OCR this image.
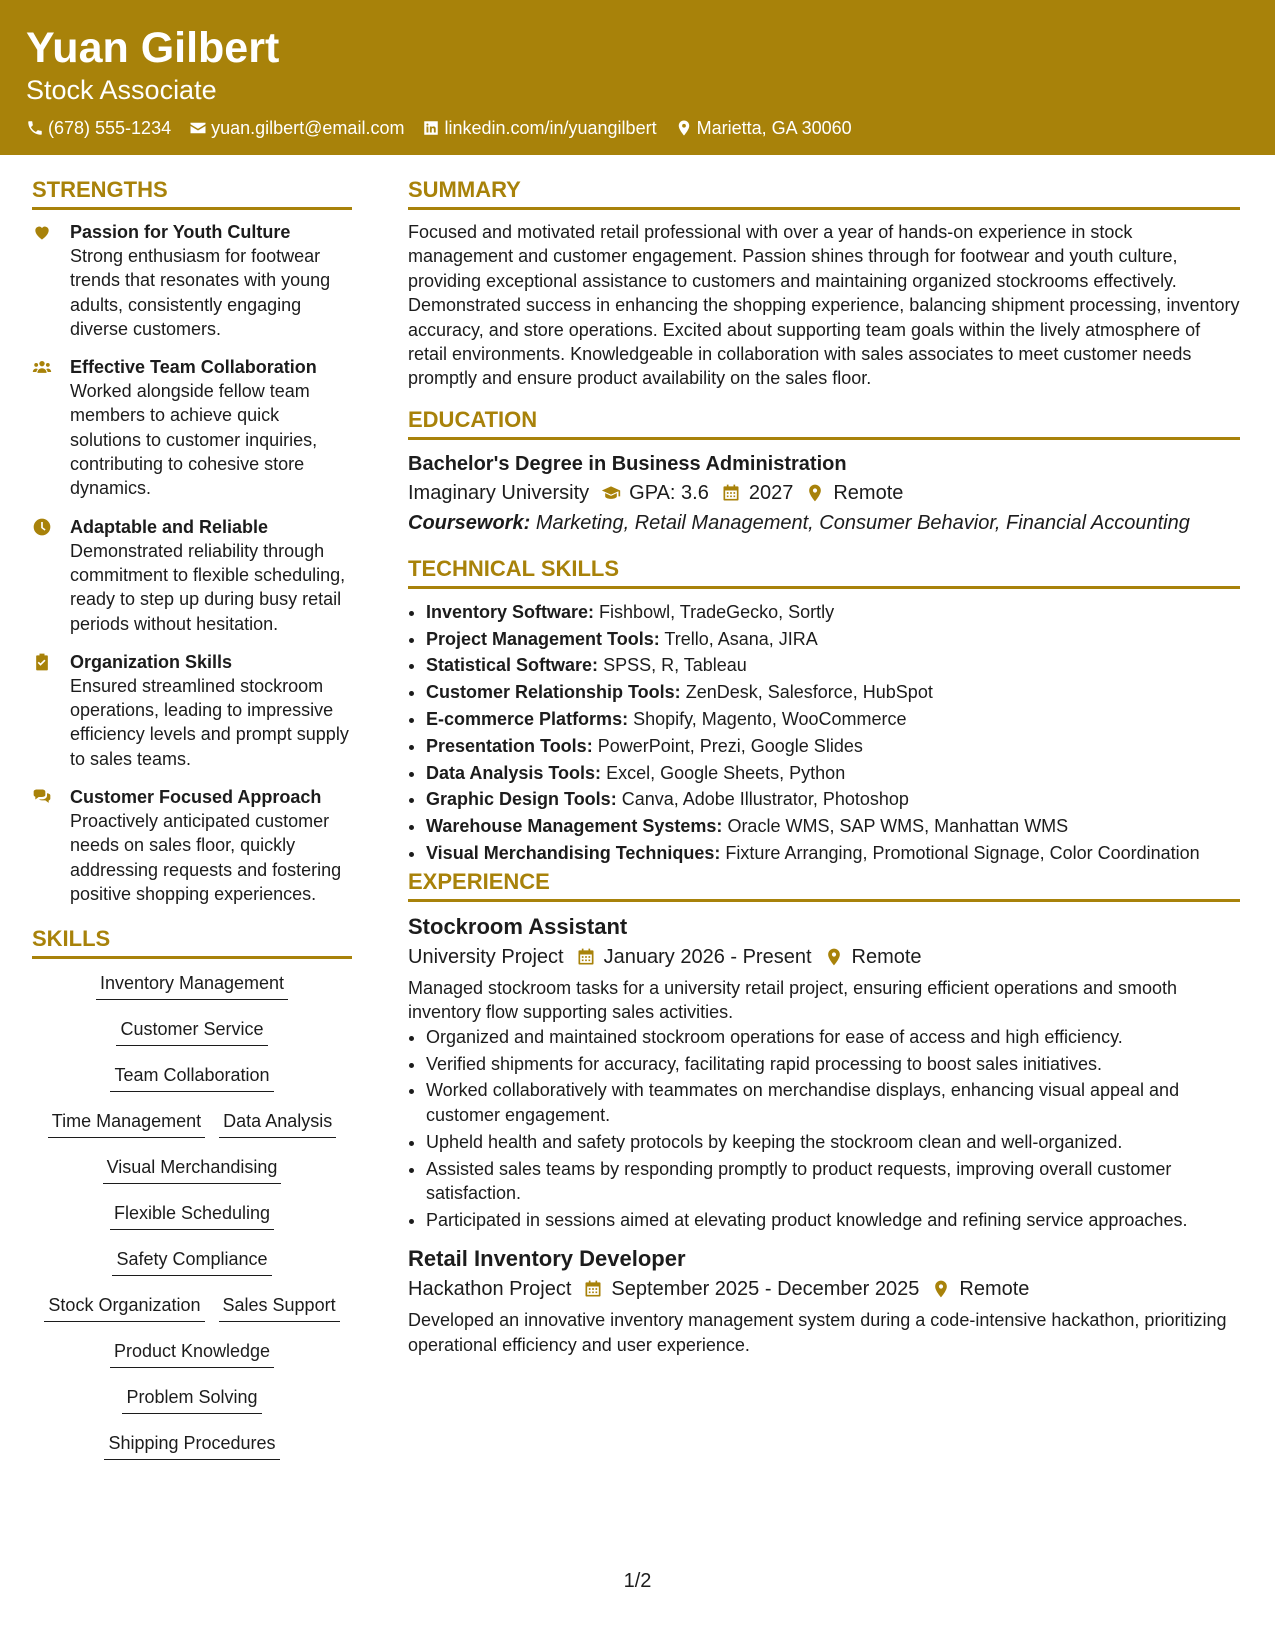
Yuan Gilbert
Stock Associate
(678) 555-1234 yuan.gilbert@email.com linkedin.com/in/yuangilbert Marietta, GA 30060
STRENGTHS
Passion for Youth Culture
Strong enthusiasm for footwear trends that resonates with young adults, consistently engaging diverse customers.
Effective Team Collaboration
Worked alongside fellow team members to achieve quick solutions to customer inquiries, contributing to cohesive store dynamics.
Adaptable and Reliable
Demonstrated reliability through commitment to flexible scheduling, ready to step up during busy retail periods without hesitation.
Organization Skills
Ensured streamlined stockroom operations, leading to impressive efficiency levels and prompt supply to sales teams.
Customer Focused Approach
Proactively anticipated customer needs on sales floor, quickly addressing requests and fostering positive shopping experiences.
SKILLS
Inventory Management
Customer Service
Team Collaboration
Time Management Data Analysis
Visual Merchandising
Flexible Scheduling
Safety Compliance
Stock Organization Sales Support
Product Knowledge
Problem Solving
Shipping Procedures
SUMMARY
Focused and motivated retail professional with over a year of hands-on experience in stock management and customer engagement. Passion shines through for footwear and youth culture, providing exceptional assistance to customers and maintaining organized stockrooms effectively. Demonstrated success in enhancing the shopping experience, balancing shipment processing, inventory accuracy, and store operations. Excited about supporting team goals within the lively atmosphere of retail environments. Knowledgeable in collaboration with sales associates to meet customer needs promptly and ensure product availability on the sales floor.
EDUCATION
Bachelor's Degree in Business Administration
Imaginary University GPA: 3.6 2027 Remote
Coursework: Marketing, Retail Management, Consumer Behavior, Financial Accounting
TECHNICAL SKILLS
• Inventory Software: Fishbowl, TradeGecko, Sortly
• Project Management Tools: Trello, Asana, JIRA
• Statistical Software: SPSS, R, Tableau
• Customer Relationship Tools: ZenDesk, Salesforce, HubSpot
• E-commerce Platforms: Shopify, Magento, WooCommerce
• Presentation Tools: PowerPoint, Prezi, Google Slides
• Data Analysis Tools: Excel, Google Sheets, Python
• Graphic Design Tools: Canva, Adobe Illustrator, Photoshop
• Warehouse Management Systems: Oracle WMS, SAP WMS, Manhattan WMS
• Visual Merchandising Techniques: Fixture Arranging, Promotional Signage, Color Coordination
EXPERIENCE
Stockroom Assistant
University Project January 2026 - Present Remote
Managed stockroom tasks for a university retail project, ensuring efficient operations and smooth inventory flow supporting sales activities.
• Organized and maintained stockroom operations for ease of access and high efficiency.
• Verified shipments for accuracy, facilitating rapid processing to boost sales initiatives.
• Worked collaboratively with teammates on merchandise displays, enhancing visual appeal and customer engagement.
• Upheld health and safety protocols by keeping the stockroom clean and well-organized.
• Assisted sales teams by responding promptly to product requests, improving overall customer satisfaction.
• Participated in sessions aimed at elevating product knowledge and refining service approaches.
Retail Inventory Developer
Hackathon Project September 2025 - December 2025 Remote
Developed an innovative inventory management system during a code-intensive hackathon, prioritizing operational efficiency and user experience.
1/2
